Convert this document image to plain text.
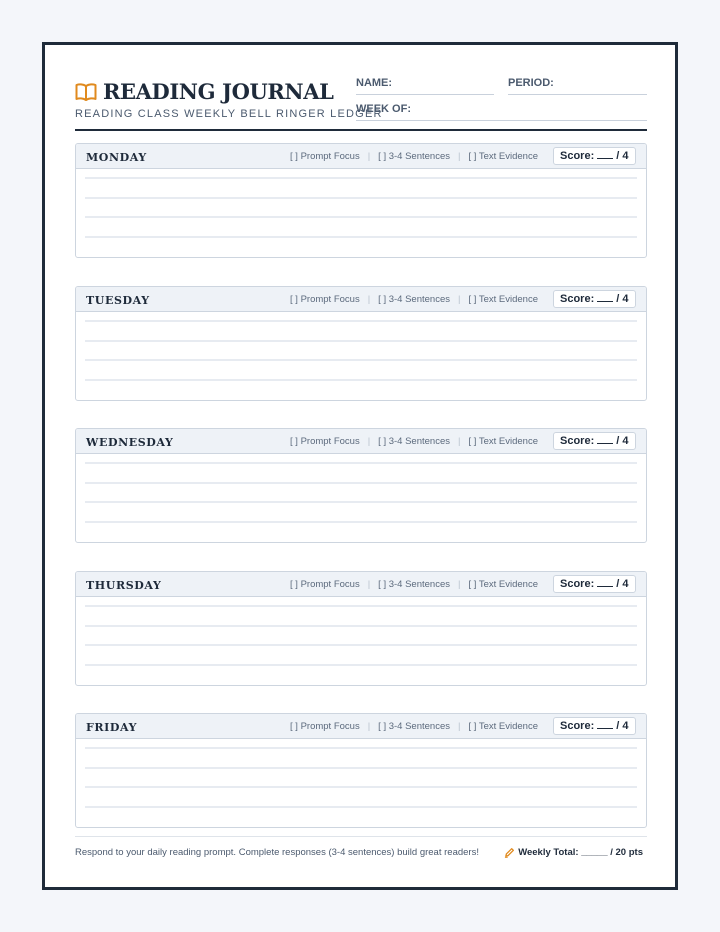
READING JOURNAL
READING CLASS WEEKLY BELL RINGER LEDGER
NAME:	PERIOD:
WEEK OF:
MONDAY	[ ] Prompt Focus | [ ] 3-4 Sentences | [ ] Text Evidence	Score: / 4
TUESDAY	[ ] Prompt Focus | [ ] 3-4 Sentences | [ ] Text Evidence	Score: / 4
WEDNESDAY	[ ] Prompt Focus | [ ] 3-4 Sentences | [ ] Text Evidence	Score: / 4
THURSDAY	[ ] Prompt Focus | [ ] 3-4 Sentences | [ ] Text Evidence	Score: / 4
FRIDAY	[ ] Prompt Focus | [ ] 3-4 Sentences | [ ] Text Evidence	Score: / 4
Respond to your daily reading prompt. Complete responses (3-4 sentences) build great readers!	Weekly Total:
_____
/ 20 pts
